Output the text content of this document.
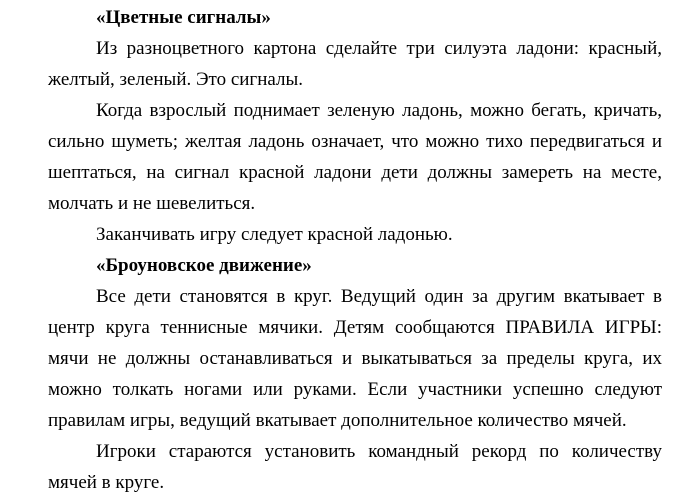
«Цветные сигналы»

Из разноцветного картона сделайте три силуэта ладони: красный, желтый, зеленый. Это сигналы.

Когда взрослый поднимает зеленую ладонь, можно бегать, кричать, сильно шуметь; желтая ладонь означает, что можно тихо передвигаться и шептаться, на сигнал красной ладони дети должны замереть на месте, молчать и не шевелиться.

Заканчивать игру следует красной ладонью.

«Броуновское движение»

Все дети становятся в круг. Ведущий один за другим вкатывает в центр круга теннисные мячики. Детям сообщаются ПРАВИЛА ИГРЫ: мячи не должны останавливаться и выкатываться за пределы круга, их можно толкать ногами или руками. Если участники успешно следуют правилам игры, ведущий вкатывает дополнительное количество мячей.

Игроки стараются установить командный рекорд по количеству мячей в круге.
